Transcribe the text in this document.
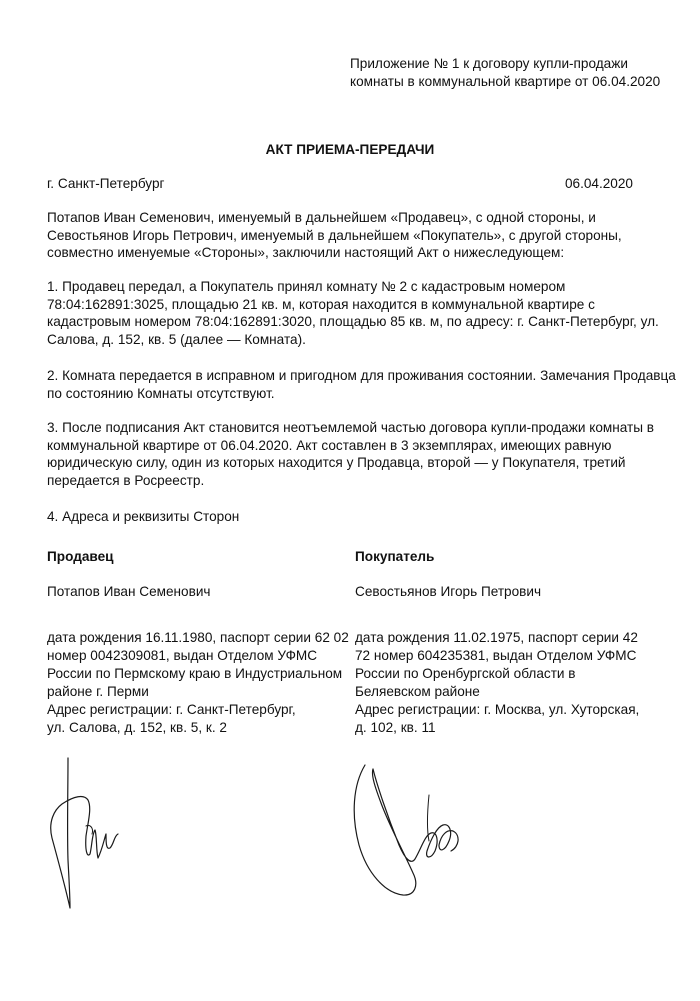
Приложение № 1 к договору купли-продажи
комнаты в коммунальной квартире от 06.04.2020
АКТ ПРИЕМА-ПЕРЕДАЧИ
г. Санкт-Петербург	06.04.2020
Потапов Иван Семенович, именуемый в дальнейшем «Продавец», с одной стороны, и
Севостьянов Игорь Петрович, именуемый в дальнейшем «Покупатель», с другой стороны,
совместно именуемые «Стороны», заключили настоящий Акт о нижеследующем:
1. Продавец передал, а Покупатель принял комнату № 2 с кадастровым номером
78:04:162891:3025, площадью 21 кв. м, которая находится в коммунальной квартире с
кадастровым номером 78:04:162891:3020, площадью 85 кв. м, по адресу: г. Санкт-Петербург, ул.
Салова, д. 152, кв. 5 (далее — Комната).
2. Комната передается в исправном и пригодном для проживания состоянии. Замечания Продавца
по состоянию Комнаты отсутствуют.
3. После подписания Акт становится неотъемлемой частью договора купли-продажи комнаты в
коммунальной квартире от 06.04.2020. Акт составлен в 3 экземплярах, имеющих равную
юридическую силу, один из которых находится у Продавца, второй — у Покупателя, третий
передается в Росреестр.
4. Адреса и реквизиты Сторон
Продавец
Потапов Иван Семенович
дата рождения 16.11.1980, паспорт серии 62 02
номер 0042309081, выдан Отделом УФМС
России по Пермскому краю в Индустриальном
районе г. Перми
Адрес регистрации: г. Санкт-Петербург,
ул. Салова, д. 152, кв. 5, к. 2
Покупатель
Севостьянов Игорь Петрович
дата рождения 11.02.1975, паспорт серии 42
72 номер 604235381, выдан Отделом УФМС
России по Оренбургской области в
Беляевском районе
Адрес регистрации: г. Москва, ул. Хуторская,
д. 102, кв. 11
